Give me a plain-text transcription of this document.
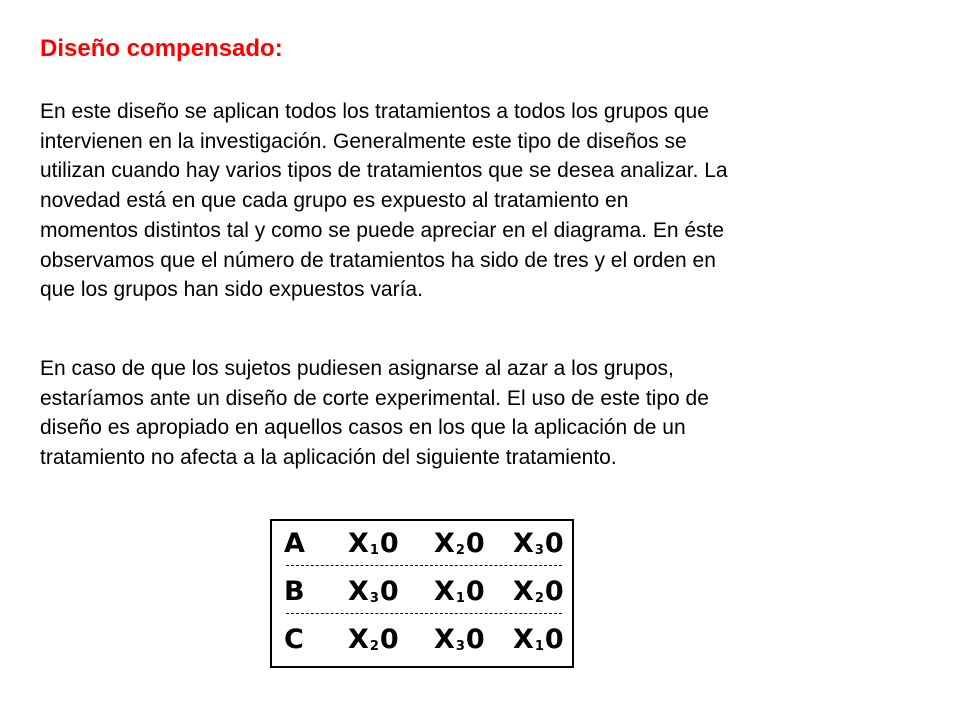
Diseño compensado:

En este diseño se aplican todos los tratamientos a todos los grupos que
intervienen en la investigación. Generalmente este tipo de diseños se
utilizan cuando hay varios tipos de tratamientos que se desea analizar. La
novedad está en que cada grupo es expuesto al tratamiento en
momentos distintos tal y como se puede apreciar en el diagrama. En éste
observamos que el número de tratamientos ha sido de tres y el orden en
que los grupos han sido expuestos varía.

En caso de que los sujetos pudiesen asignarse al azar a los grupos,
estaríamos ante un diseño de corte experimental. El uso de este tipo de
diseño es apropiado en aquellos casos en los que la aplicación de un
tratamiento no afecta a la aplicación del siguiente tratamiento.

A $X_10$ $X_20$ $X_30$
B $X_30$ $X_10$ $X_20$
C $X_20$ $X_30$ $X_10$
